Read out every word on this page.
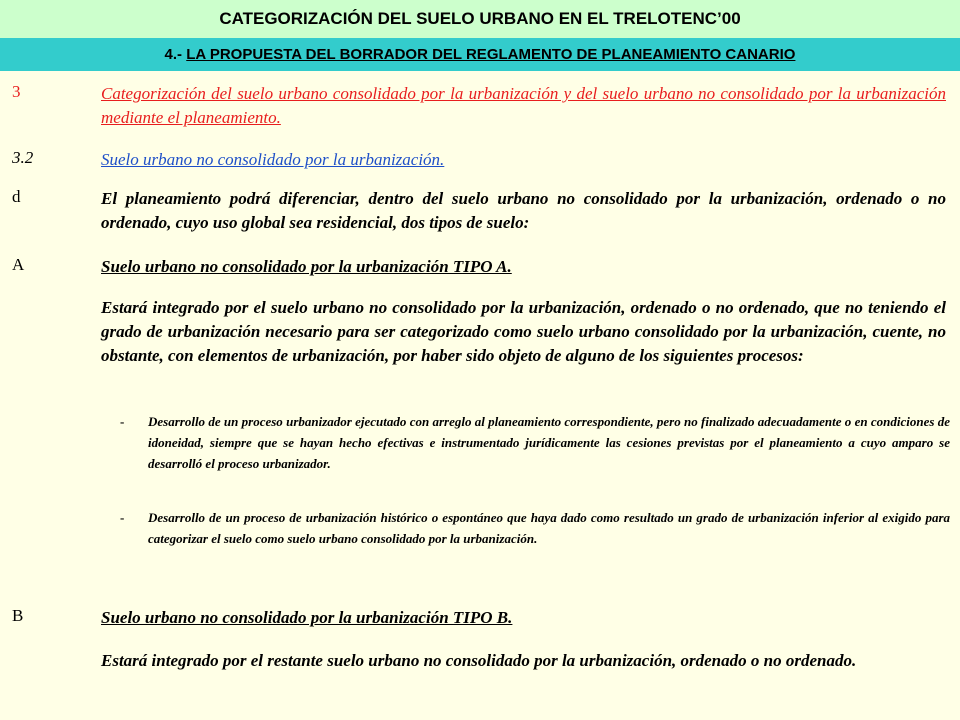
CATEGORIZACIÓN DEL SUELO URBANO EN EL TRELOTENC’00
4.- LA PROPUESTA DEL BORRADOR DEL REGLAMENTO DE PLANEAMIENTO CANARIO
3	Categorización del suelo urbano consolidado por la urbanización y del suelo urbano no consolidado por la urbanización mediante el planeamiento.
3.2	Suelo urbano no consolidado por la urbanización.
d	El planeamiento podrá diferenciar, dentro del suelo urbano no consolidado por la urbanización, ordenado o no ordenado, cuyo uso global sea residencial, dos tipos de suelo:
A	Suelo urbano no consolidado por la urbanización TIPO A.
Estará integrado por el suelo urbano no consolidado por la urbanización, ordenado o no ordenado, que no teniendo el grado de urbanización necesario para ser categorizado como suelo urbano consolidado por la urbanización, cuente, no obstante, con elementos de urbanización, por haber sido objeto de alguno de los siguientes procesos:
- Desarrollo de un proceso urbanizador ejecutado con arreglo al planeamiento correspondiente, pero no finalizado adecuadamente o en condiciones de idoneidad, siempre que se hayan hecho efectivas e instrumentado jurídicamente las cesiones previstas por el planeamiento a cuyo amparo se desarrolló el proceso urbanizador.
- Desarrollo de un proceso de urbanización histórico o espontáneo que haya dado como resultado un grado de urbanización inferior al exigido para categorizar el suelo como suelo urbano consolidado por la urbanización.
B	Suelo urbano no consolidado por la urbanización TIPO B.
Estará integrado por el restante suelo urbano no consolidado por la urbanización, ordenado o no ordenado.
